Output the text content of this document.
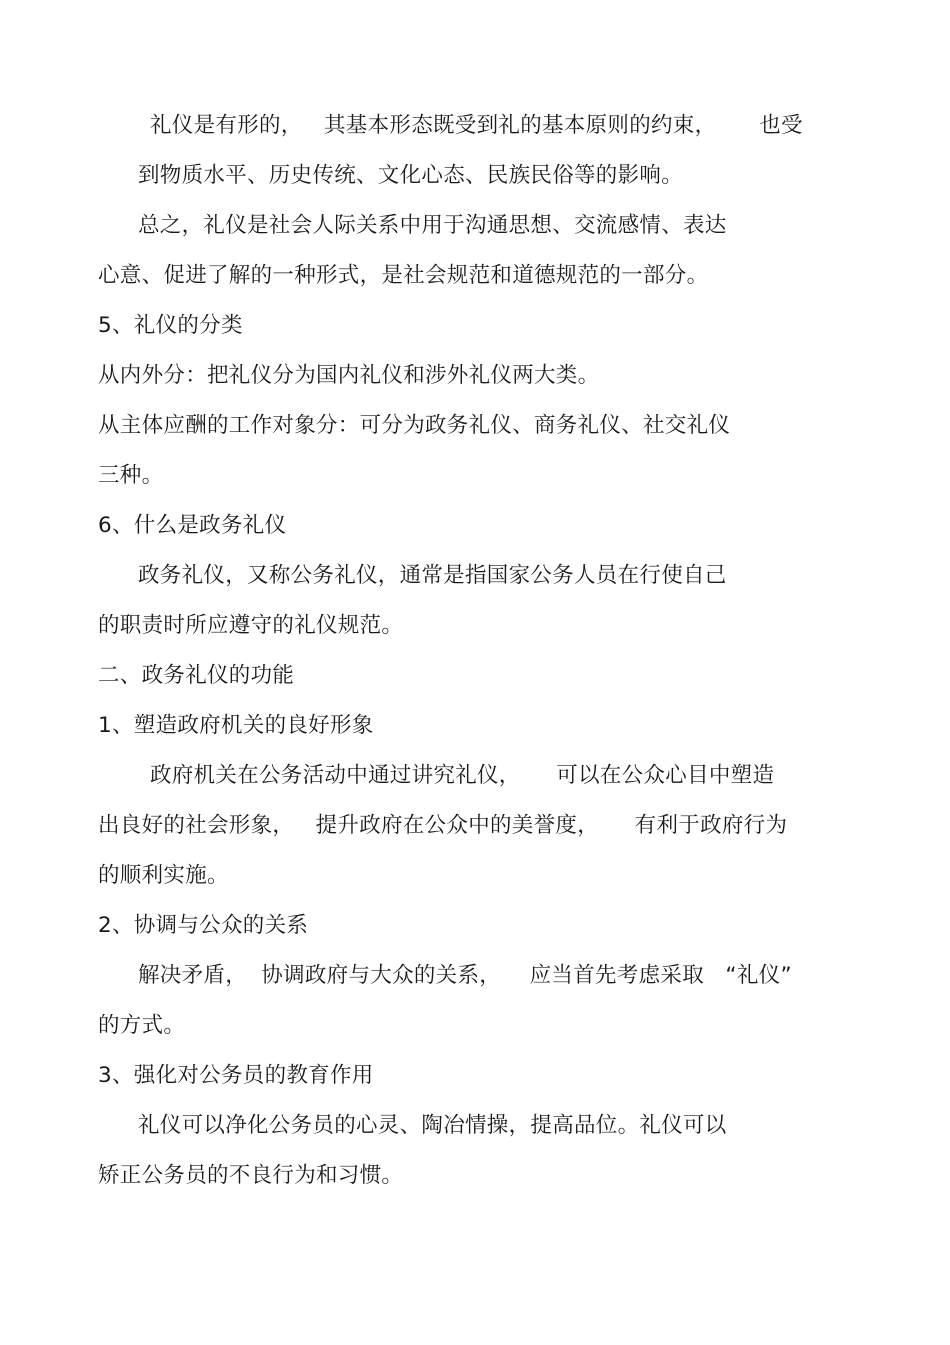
礼仪是有形的，   其基本形态既受到礼的基本原则的约束，      也受
到物质水平、历史传统、文化心态、民族民俗等的影响。
总之，礼仪是社会人际关系中用于沟通思想、交流感情、表达
心意、促进了解的一种形式，是社会规范和道德规范的一部分。
5、礼仪的分类
从内外分：把礼仪分为国内礼仪和涉外礼仪两大类。
从主体应酬的工作对象分：可分为政务礼仪、商务礼仪、社交礼仪
三种。
6、什么是政务礼仪
政务礼仪，又称公务礼仪，通常是指国家公务人员在行使自己
的职责时所应遵守的礼仪规范。
二、政务礼仪的功能
1、塑造政府机关的良好形象
政府机关在公务活动中通过讲究礼仪，     可以在公众心目中塑造
出良好的社会形象，   提升政府在公众中的美誉度，     有利于政府行为
的顺利实施。
2、协调与公众的关系
解决矛盾，  协调政府与大众的关系，    应当首先考虑采取   “礼仪”
的方式。
3、强化对公务员的教育作用
礼仪可以净化公务员的心灵、陶冶情操，提高品位。礼仪可以
矫正公务员的不良行为和习惯。
